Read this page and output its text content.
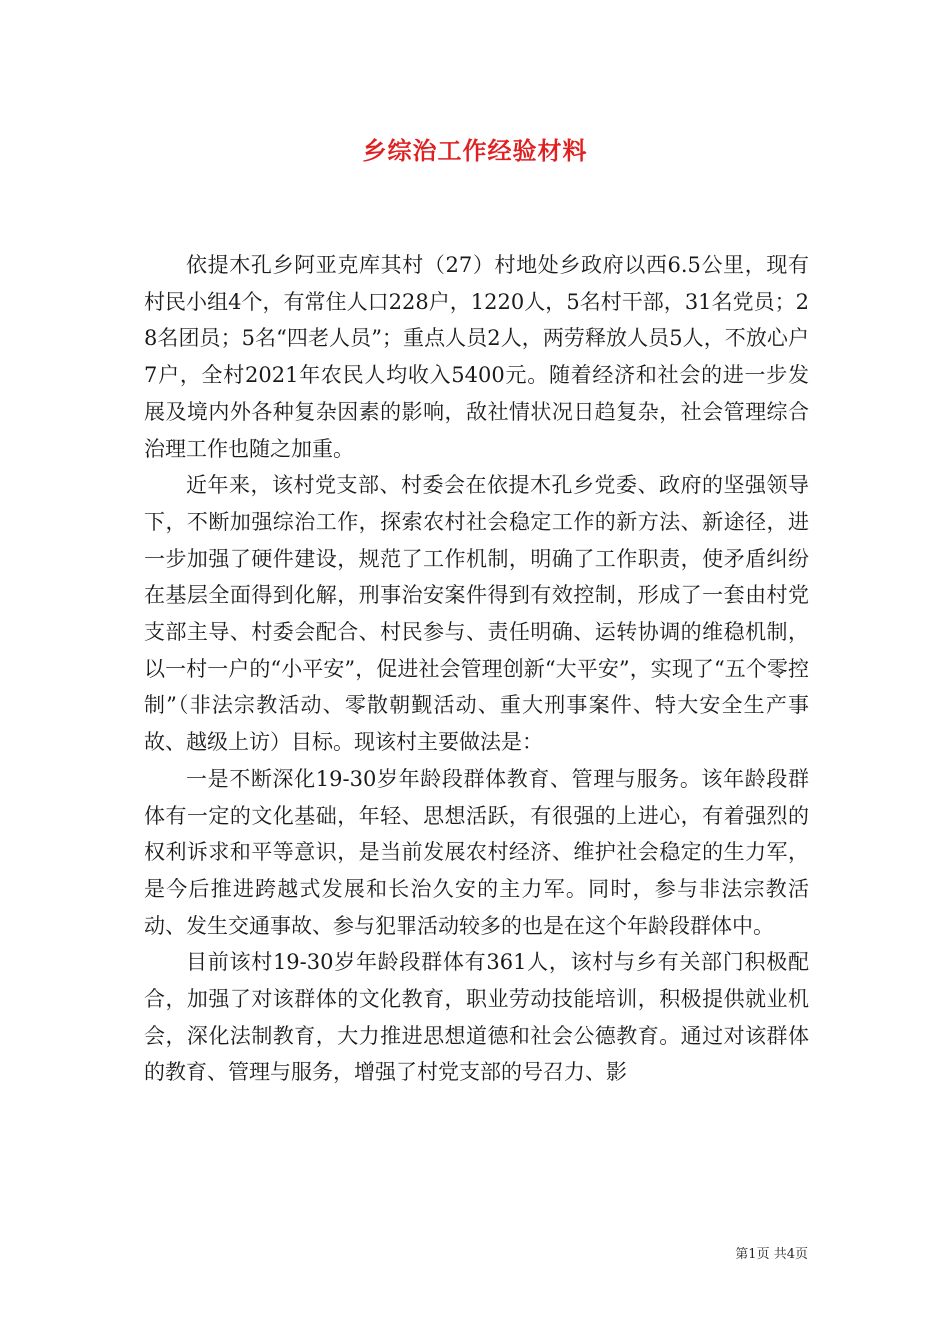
乡综治工作经验材料

依提木孔乡阿亚克库其村（27）村地处乡政府以西6.5公里，现有村民小组4个，有常住人口228户，1220人，5名村干部，31名党员；28名团员；5名“四老人员”；重点人员2人，两劳释放人员5人，不放心户7户，全村2021年农民人均收入5400元。随着经济和社会的进一步发展及境内外各种复杂因素的影响，敌社情状况日趋复杂，社会管理综合治理工作也随之加重。

近年来，该村党支部、村委会在依提木孔乡党委、政府的坚强领导下，不断加强综治工作，探索农村社会稳定工作的新方法、新途径，进一步加强了硬件建设，规范了工作机制，明确了工作职责，使矛盾纠纷在基层全面得到化解，刑事治安案件得到有效控制，形成了一套由村党支部主导、村委会配合、村民参与、责任明确、运转协调的维稳机制，以一村一户的“小平安”，促进社会管理创新“大平安”，实现了“五个零控制”（非法宗教活动、零散朝觐活动、重大刑事案件、特大安全生产事故、越级上访）目标。现该村主要做法是：

一是不断深化19-30岁年龄段群体教育、管理与服务。该年龄段群体有一定的文化基础，年轻、思想活跃，有很强的上进心，有着强烈的权利诉求和平等意识，是当前发展农村经济、维护社会稳定的生力军，是今后推进跨越式发展和长治久安的主力军。同时，参与非法宗教活动、发生交通事故、参与犯罪活动较多的也是在这个年龄段群体中。

目前该村19-30岁年龄段群体有361人，该村与乡有关部门积极配合，加强了对该群体的文化教育，职业劳动技能培训，积极提供就业机会，深化法制教育，大力推进思想道德和社会公德教育。通过对该群体的教育、管理与服务，增强了村党支部的号召力、影

第1页 共4页
